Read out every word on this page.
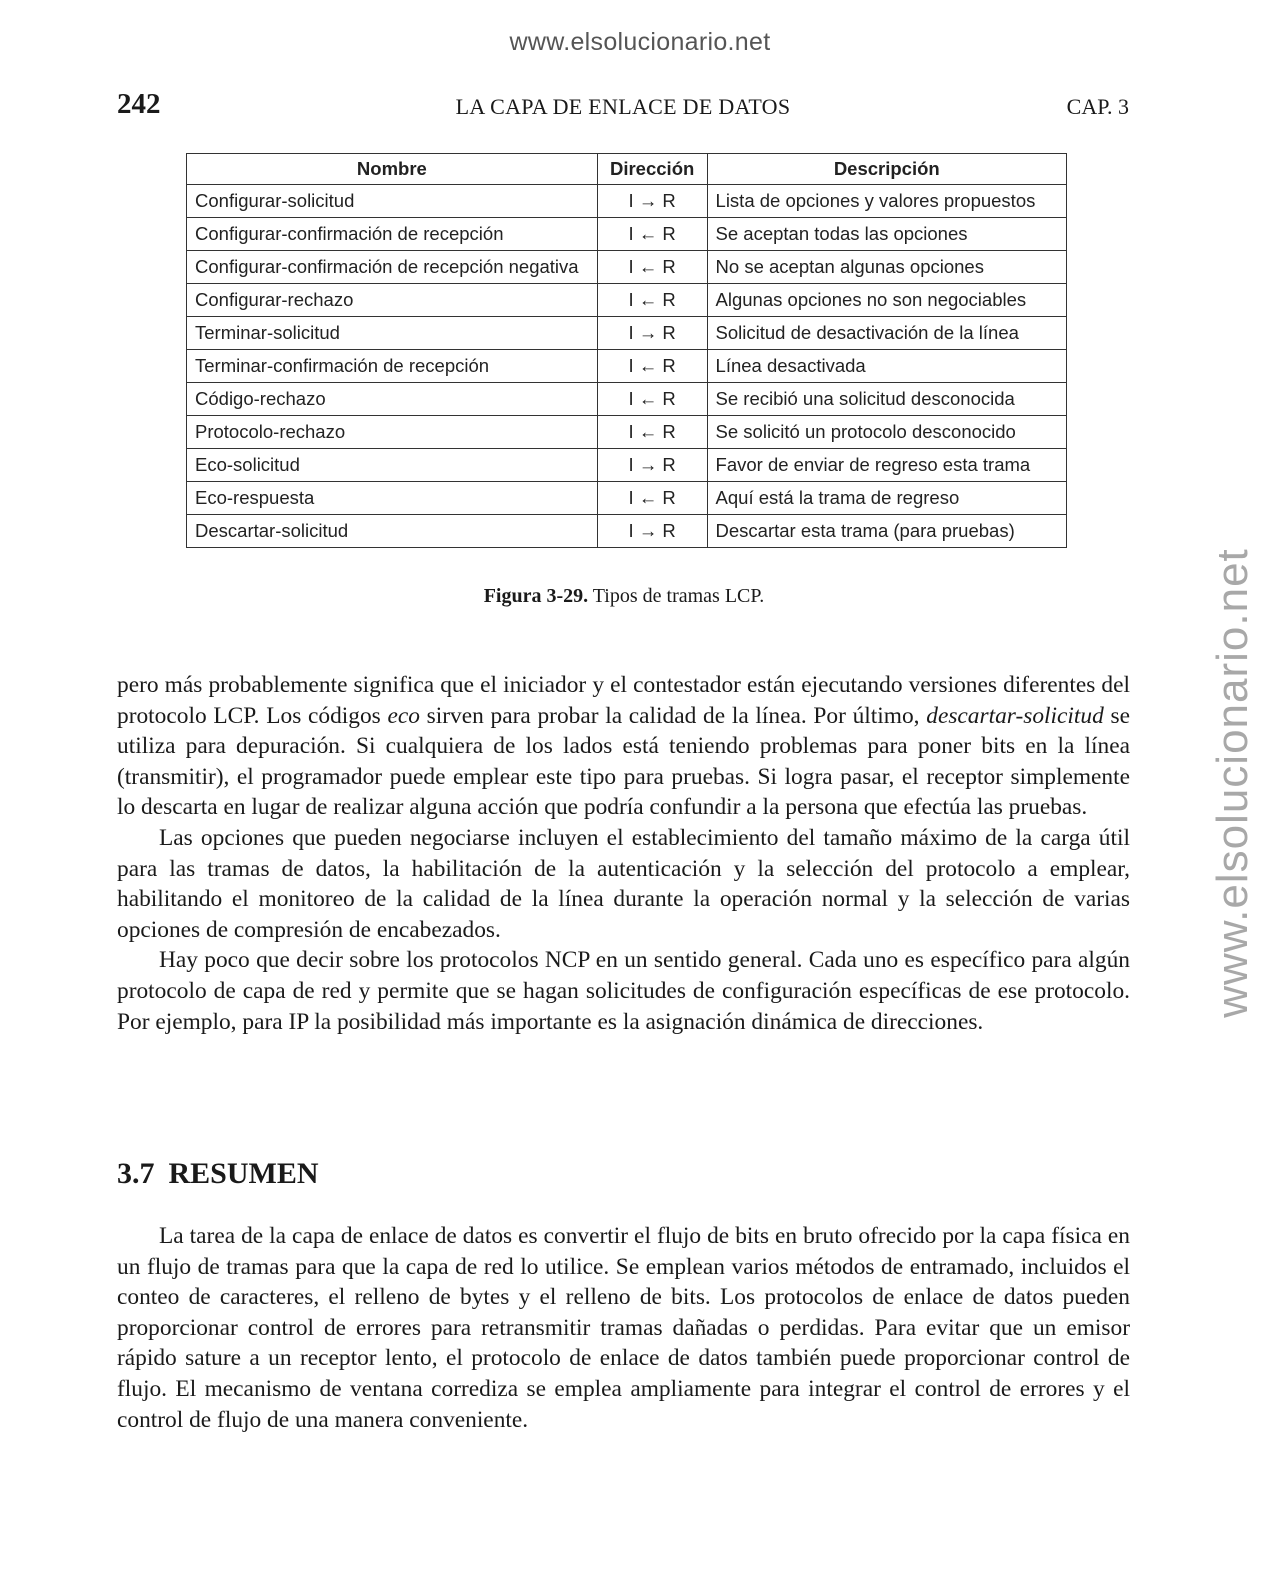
www.elsolucionario.net
www.elsolucionario.net
242	LA CAPA DE ENLACE DE DATOS	CAP. 3
Nombre	Dirección	Descripción
Configurar-solicitud	I → R	Lista de opciones y valores propuestos
Configurar-confirmación de recepción	I ← R	Se aceptan todas las opciones
Configurar-confirmación de recepción negativa	I ← R	No se aceptan algunas opciones
Configurar-rechazo	I ← R	Algunas opciones no son negociables
Terminar-solicitud	I → R	Solicitud de desactivación de la línea
Terminar-confirmación de recepción	I ← R	Línea desactivada
Código-rechazo	I ← R	Se recibió una solicitud desconocida
Protocolo-rechazo	I ← R	Se solicitó un protocolo desconocido
Eco-solicitud	I → R	Favor de enviar de regreso esta trama
Eco-respuesta	I ← R	Aquí está la trama de regreso
Descartar-solicitud	I → R	Descartar esta trama (para pruebas)
Figura 3-29. Tipos de tramas LCP.

pero más probablemente significa que el iniciador y el contestador están ejecutando versiones diferentes del protocolo LCP. Los códigos eco sirven para probar la calidad de la línea. Por último, descartar-solicitud se utiliza para depuración. Si cualquiera de los lados está teniendo problemas para poner bits en la línea (transmitir), el programador puede emplear este tipo para pruebas. Si logra pasar, el receptor simplemente lo descarta en lugar de realizar alguna acción que podría confundir a la persona que efectúa las pruebas.

Las opciones que pueden negociarse incluyen el establecimiento del tamaño máximo de la carga útil para las tramas de datos, la habilitación de la autenticación y la selección del protocolo a emplear, habilitando el monitoreo de la calidad de la línea durante la operación normal y la selección de varias opciones de compresión de encabezados.

Hay poco que decir sobre los protocolos NCP en un sentido general. Cada uno es específico para algún protocolo de capa de red y permite que se hagan solicitudes de configuración específicas de ese protocolo. Por ejemplo, para IP la posibilidad más importante es la asignación dinámica de direcciones.

3.7 RESUMEN

La tarea de la capa de enlace de datos es convertir el flujo de bits en bruto ofrecido por la capa física en un flujo de tramas para que la capa de red lo utilice. Se emplean varios métodos de entramado, incluidos el conteo de caracteres, el relleno de bytes y el relleno de bits. Los protocolos de enlace de datos pueden proporcionar control de errores para retransmitir tramas dañadas o perdidas. Para evitar que un emisor rápido sature a un receptor lento, el protocolo de enlace de datos también puede proporcionar control de flujo. El mecanismo de ventana corrediza se emplea ampliamente para integrar el control de errores y el control de flujo de una manera conveniente.
